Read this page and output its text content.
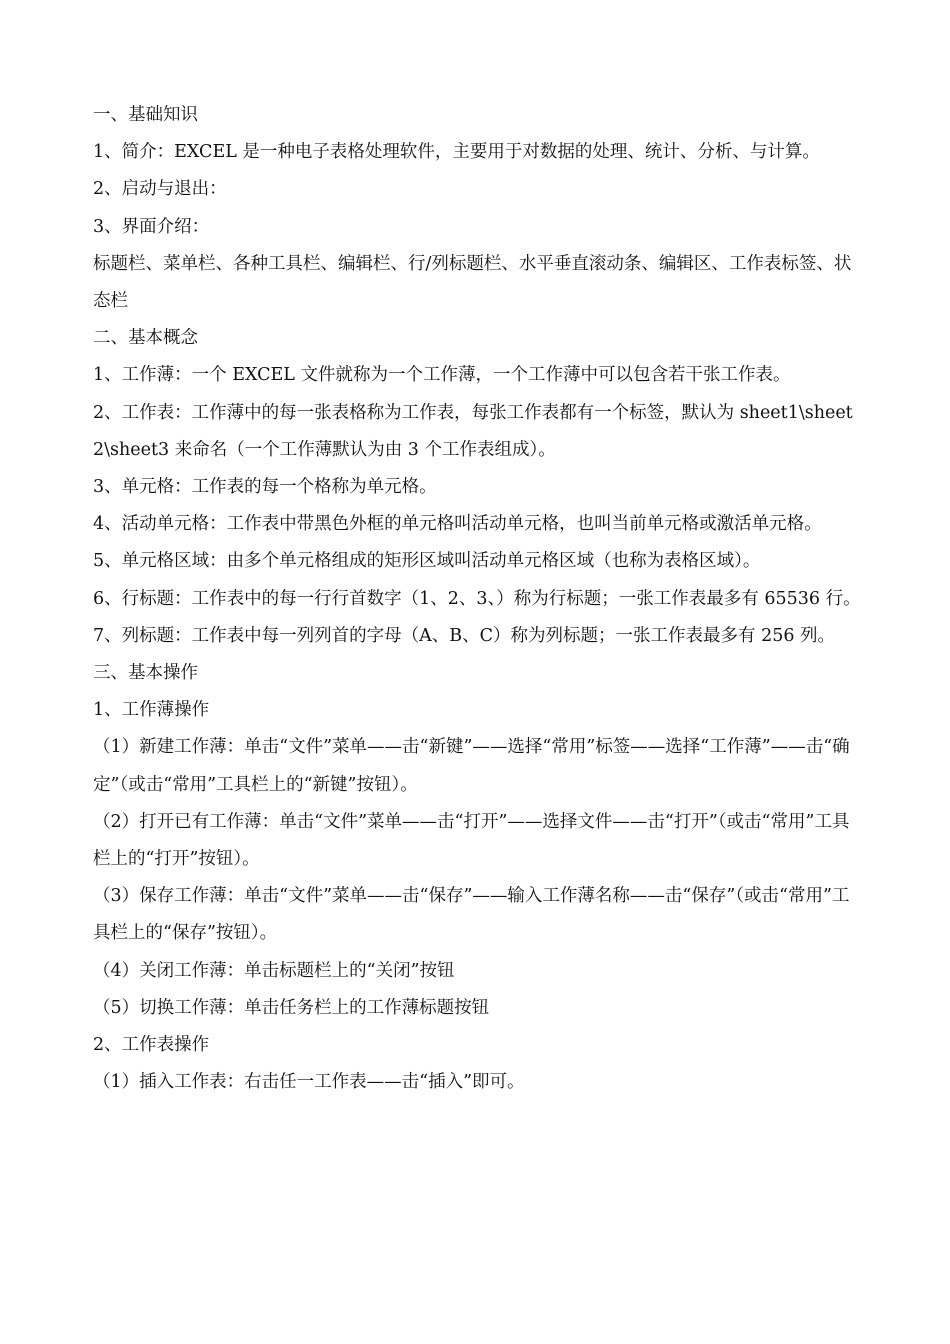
一、基础知识

1、简介：EXCEL 是一种电子表格处理软件，主要用于对数据的处理、统计、分析、与计算。

2、启动与退出：

3、界面介绍：

标题栏、菜单栏、各种工具栏、编辑栏、行/列标题栏、水平垂直滚动条、编辑区、工作表标签、状态栏

二、基本概念

1、工作薄：一个 EXCEL 文件就称为一个工作薄，一个工作薄中可以包含若干张工作表。

2、工作表：工作薄中的每一张表格称为工作表，每张工作表都有一个标签，默认为 sheet1\sheet2\sheet3 来命名（一个工作薄默认为由 3 个工作表组成）。

3、单元格：工作表的每一个格称为单元格。

4、活动单元格：工作表中带黑色外框的单元格叫活动单元格，也叫当前单元格或激活单元格。

5、单元格区域：由多个单元格组成的矩形区域叫活动单元格区域（也称为表格区域）。

6、行标题：工作表中的每一行行首数字（1、2、3、）称为行标题；一张工作表最多有 65536 行。

7、列标题：工作表中每一列列首的字母（A、B、C）称为列标题；一张工作表最多有 256 列。

三、基本操作

1、工作薄操作

（1）新建工作薄：单击“文件”菜单——击“新键”——选择“常用”标签——选择“工作薄”——击“确定”（或击“常用”工具栏上的“新键”按钮）。

（2）打开已有工作薄：单击“文件”菜单——击“打开”——选择文件——击“打开”（或击“常用”工具栏上的“打开”按钮）。

（3）保存工作薄：单击“文件”菜单——击“保存”——输入工作薄名称——击“保存”（或击“常用”工具栏上的“保存”按钮）。

（4）关闭工作薄：单击标题栏上的“关闭”按钮

（5）切换工作薄：单击任务栏上的工作薄标题按钮

2、工作表操作

（1）插入工作表：右击任一工作表——击“插入”即可。
